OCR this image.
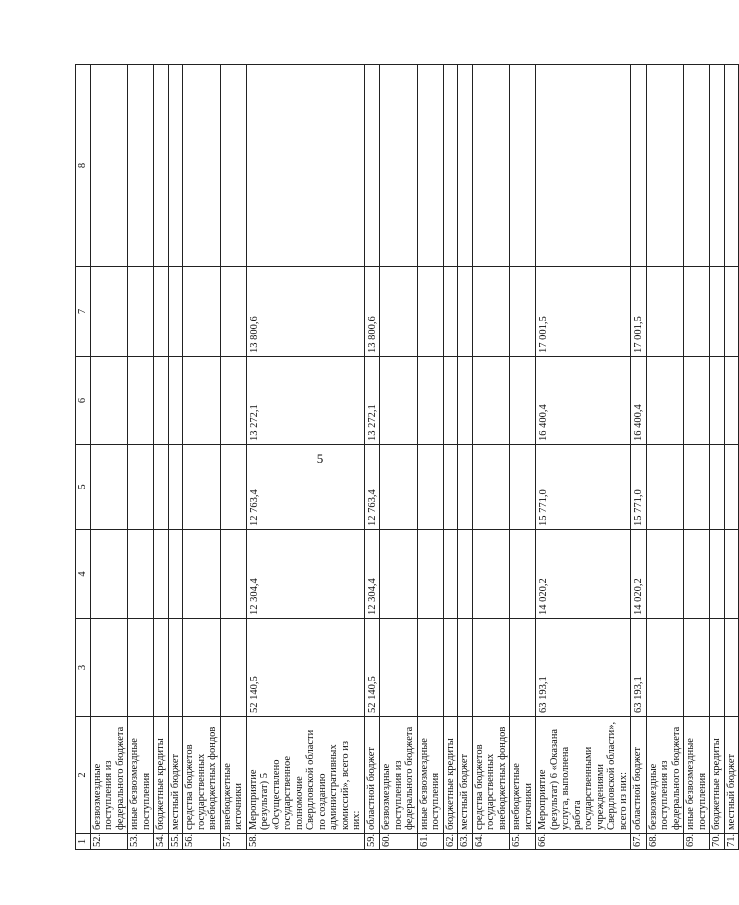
5
1	2	3	4	5	6	7	8
52.	безвозмездные поступления из федерального бюджета						
53.	иные безвозмездные поступления						
54.	бюджетные кредиты						
55.	местный бюджет						
56.	средства бюджетов государственных внебюджетных фондов						
57.	внебюджетные источники						
58.	Мероприятие (результат) 5 «Осуществлено государственное полномочие Свердловской области по созданию административных комиссий», всего из них:	52 140,5	12 304,4	12 763,4	13 272,1	13 800,6	
59.	областной бюджет	52 140,5	12 304,4	12 763,4	13 272,1	13 800,6	
60.	безвозмездные поступления из федерального бюджета						
61.	иные безвозмездные поступления						
62.	бюджетные кредиты						
63.	местный бюджет						
64.	средства бюджетов государственных внебюджетных фондов						
65.	внебюджетные источники						
66.	Мероприятие (результат) 6 «Оказана услуга, выполнена работа государственными учреждениями Свердловской области», всего из них:	63 193,1	14 020,2	15 771,0	16 400,4	17 001,5	
67.	областной бюджет	63 193,1	14 020,2	15 771,0	16 400,4	17 001,5	
68.	безвозмездные поступления из федерального бюджета						
69.	иные безвозмездные поступления						
70.	бюджетные кредиты						
71.	местный бюджет						
